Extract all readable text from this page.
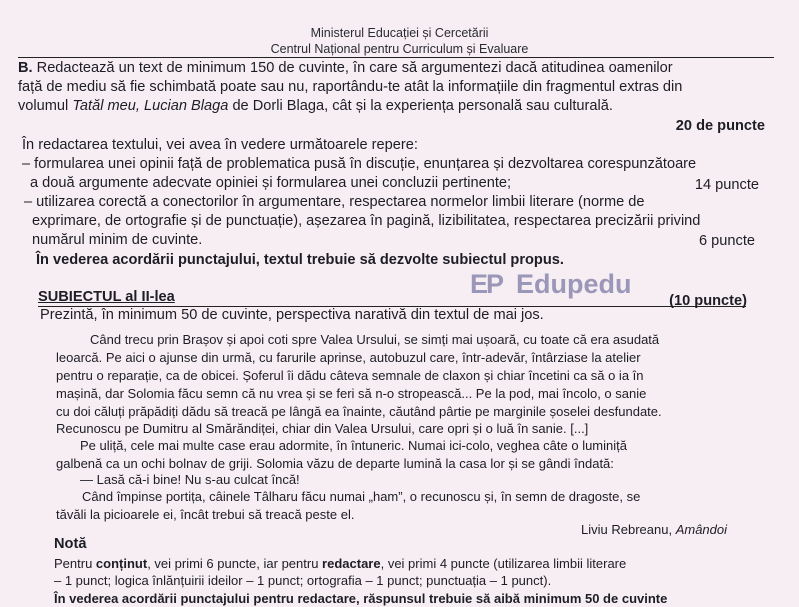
Ministerul Educației și Cercetării
Centrul Național pentru Curriculum și Evaluare
B. Redactează un text de minimum 150 de cuvinte, în care să argumentezi dacă atitudinea oamenilor
față de mediu să fie schimbată poate sau nu, raportându-te atât la informațiile din fragmentul extras din
volumul Tatăl meu, Lucian Blaga de Dorli Blaga, cât și la experiența personală sau culturală.
20 de puncte
În redactarea textului, vei avea în vedere următoarele repere:
– formularea unei opinii față de problematica pusă în discuție, enunțarea și dezvoltarea corespunzătoare
a două argumente adecvate opiniei și formularea unei concluzii pertinente;	14 puncte
– utilizarea corectă a conectorilor în argumentare, respectarea normelor limbii literare (norme de
exprimare, de ortografie și de punctuație), așezarea în pagină, lizibilitatea, respectarea precizării privind
numărul minim de cuvinte.	6 puncte
În vederea acordării punctajului, textul trebuie să dezvolte subiectul propus.
EP Edupedu
SUBIECTUL al II-lea	(10 puncte)
Prezintă, în minimum 50 de cuvinte, perspectiva narativă din textul de mai jos.
Când trecu prin Brașov și apoi coti spre Valea Ursului, se simți mai ușoară, cu toate că era asudată
leoarcă. Pe aici o ajunse din urmă, cu farurile aprinse, autobuzul care, într-adevăr, întârziase la atelier
pentru o reparație, ca de obicei. Șoferul îi dădu câteva semnale de claxon și chiar încetini ca să o ia în
mașină, dar Solomia făcu semn că nu vrea și se feri să n-o stropească... Pe la pod, mai încolo, o sanie
cu doi căluți prăpădiți dădu să treacă pe lângă ea înainte, căutând pârtie pe marginile șoselei desfundate.
Recunoscu pe Dumitru al Smărăndiței, chiar din Valea Ursului, care opri și o luă în sanie. [...]
Pe uliță, cele mai multe case erau adormite, în întuneric. Numai ici-colo, veghea câte o luminiță
galbenă ca un ochi bolnav de griji. Solomia văzu de departe lumină la casa lor și se gândi îndată:
— Lasă că-i bine! Nu s-au culcat încă!
Când împinse portița, câinele Tâlharu făcu numai „ham”, o recunoscu și, în semn de dragoste, se
tăvăli la picioarele ei, încât trebui să treacă peste el.
Liviu Rebreanu, Amândoi
Notă
Pentru conținut, vei primi 6 puncte, iar pentru redactare, vei primi 4 puncte (utilizarea limbii literare
– 1 punct; logica înlănțuirii ideilor – 1 punct; ortografia – 1 punct; punctuația – 1 punct).
În vederea acordării punctajului pentru redactare, răspunsul trebuie să aibă minimum 50 de cuvinte
